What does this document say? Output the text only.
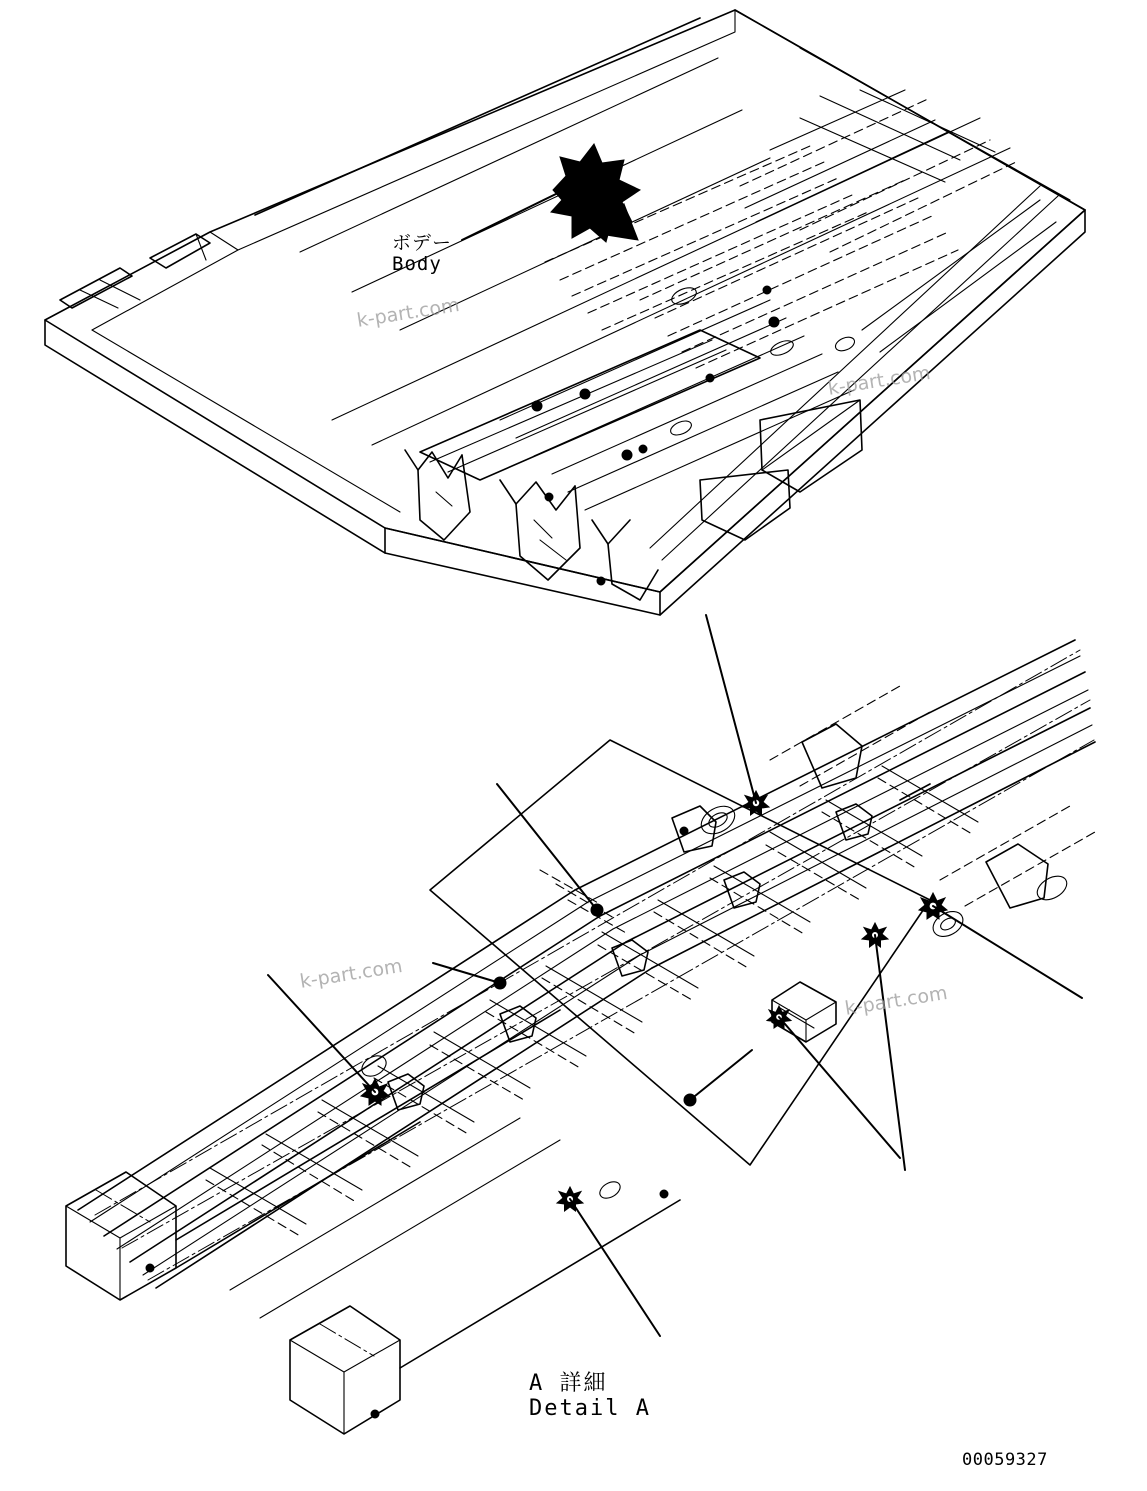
ボデー
Body
A 詳細
Detail A
00059327
A
k-part.com
k-part.com
k-part.com
k-part.com
